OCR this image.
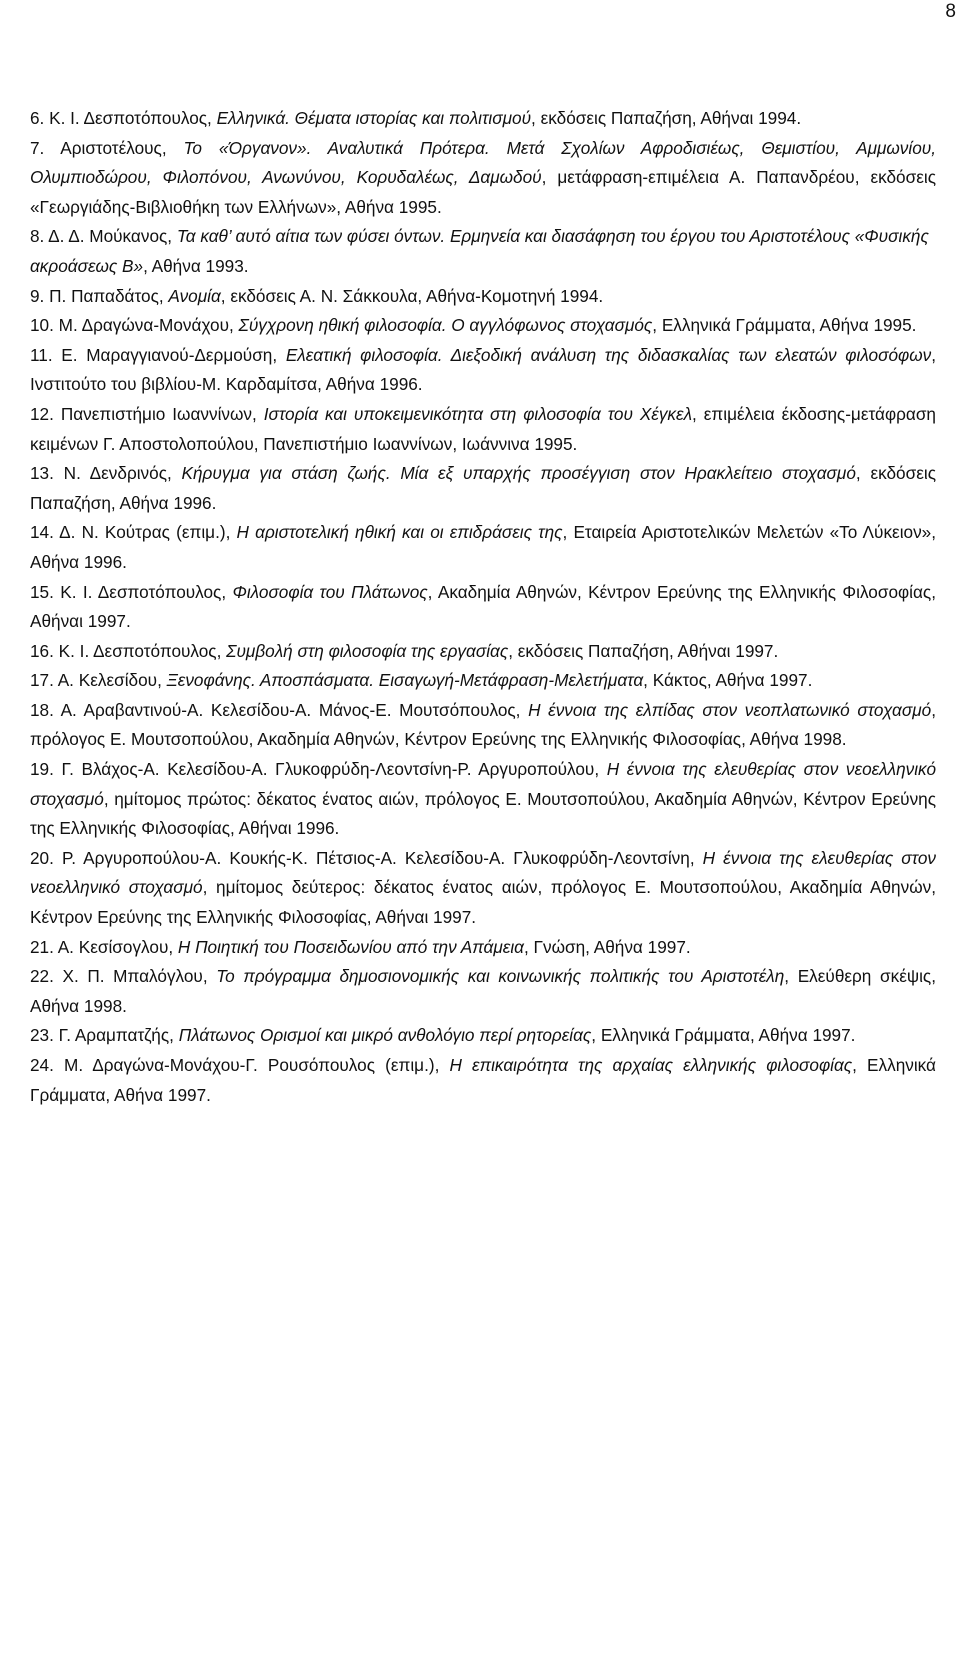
8

6. Κ. Ι. Δεσποτόπουλος, Ελληνικά. Θέματα ιστορίας και πολιτισμού, εκδόσεις Παπαζήση, Αθήναι 1994.

7. Αριστοτέλους, Το «Όργανον». Αναλυτικά Πρότερα. Μετά Σχολίων Αφροδισιέως, Θεμιστίου, Αμμωνίου, Ολυμπιοδώρου, Φιλοπόνου, Ανωνύνου, Κορυδαλέως, Δαμωδού, μετάφραση-επιμέλεια Α. Παπανδρέου, εκδόσεις «Γεωργιάδης-Βιβλιοθήκη των Ελλήνων», Αθήνα 1995.

8. Δ. Δ. Μούκανος, Τα καθ’ αυτό αίτια των φύσει όντων. Ερμηνεία και διασάφηση του έργου του Αριστοτέλους «Φυσικής ακροάσεως Β», Αθήνα 1993.

9. Π. Παπαδάτος, Ανομία, εκδόσεις Α. Ν. Σάκκουλα, Αθήνα-Κομοτηνή 1994.

10. Μ. Δραγώνα-Μονάχου, Σύγχρονη ηθική φιλοσοφία. Ο αγγλόφωνος στοχασμός, Ελληνικά Γράμματα, Αθήνα 1995.

11. Ε. Μαραγγιανού-Δερμούση, Ελεατική φιλοσοφία. Διεξοδική ανάλυση της διδασκαλίας των ελεατών φιλοσόφων, Ινστιτούτο του βιβλίου-Μ. Καρδαμίτσα, Αθήνα 1996.

12. Πανεπιστήμιο Ιωαννίνων, Ιστορία και υποκειμενικότητα στη φιλοσοφία του Χέγκελ, επιμέλεια έκδοσης-μετάφραση κειμένων Γ. Αποστολοπούλου, Πανεπιστήμιο Ιωαννίνων, Ιωάννινα 1995.

13. Ν. Δενδρινός, Κήρυγμα για στάση ζωής. Μία εξ υπαρχής προσέγγιση στον Ηρακλείτειο στοχασμό, εκδόσεις Παπαζήση, Αθήνα 1996.

14. Δ. Ν. Κούτρας (επιμ.), Η αριστοτελική ηθική και οι επιδράσεις της, Εταιρεία Αριστοτελικών Μελετών «Το Λύκειον», Αθήνα 1996.

15. Κ. Ι. Δεσποτόπουλος, Φιλοσοφία του Πλάτωνος, Ακαδημία Αθηνών, Κέντρον Ερεύνης της Ελληνικής Φιλοσοφίας, Αθήναι 1997.

16. Κ. Ι. Δεσποτόπουλος, Συμβολή στη φιλοσοφία της εργασίας, εκδόσεις Παπαζήση, Αθήναι 1997.

17. Α. Κελεσίδου, Ξενοφάνης. Αποσπάσματα. Εισαγωγή-Μετάφραση-Μελετήματα, Κάκτος, Αθήνα 1997.

18. Α. Αραβαντινού-Α. Κελεσίδου-Α. Μάνος-Ε. Μουτσόπουλος, Η έννοια της ελπίδας στον νεοπλατωνικό στοχασμό, πρόλογος Ε. Μουτσοπούλου, Ακαδημία Αθηνών, Κέντρον Ερεύνης της Ελληνικής Φιλοσοφίας, Αθήνα 1998.

19. Γ. Βλάχος-Α. Κελεσίδου-Α. Γλυκοφρύδη-Λεοντσίνη-Ρ. Αργυροπούλου, Η έννοια της ελευθερίας στον νεοελληνικό στοχασμό, ημίτομος πρώτος: δέκατος ένατος αιών, πρόλογος Ε. Μουτσοπούλου, Ακαδημία Αθηνών, Κέντρον Ερεύνης της Ελληνικής Φιλοσοφίας, Αθήναι 1996.

20. Ρ. Αργυροπούλου-Α. Κουκής-Κ. Πέτσιος-Α. Κελεσίδου-Α. Γλυκοφρύδη-Λεοντσίνη, Η έννοια της ελευθερίας στον νεοελληνικό στοχασμό, ημίτομος δεύτερος: δέκατος ένατος αιών, πρόλογος Ε. Μουτσοπούλου, Ακαδημία Αθηνών, Κέντρον Ερεύνης της Ελληνικής Φιλοσοφίας, Αθήναι 1997.

21. Α. Κεσίσογλου, Η Ποιητική του Ποσειδωνίου από την Απάμεια, Γνώση, Αθήνα 1997.

22. Χ. Π. Μπαλόγλου, Το πρόγραμμα δημοσιονομικής και κοινωνικής πολιτικής του Αριστοτέλη, Ελεύθερη σκέψις, Αθήνα 1998.

23. Γ. Αραμπατζής, Πλάτωνος Ορισμοί και μικρό ανθολόγιο περί ρητορείας, Ελληνικά Γράμματα, Αθήνα 1997.

24. Μ. Δραγώνα-Μονάχου-Γ. Ρουσόπουλος (επιμ.), Η επικαιρότητα της αρχαίας ελληνικής φιλοσοφίας, Ελληνικά Γράμματα, Αθήνα 1997.
